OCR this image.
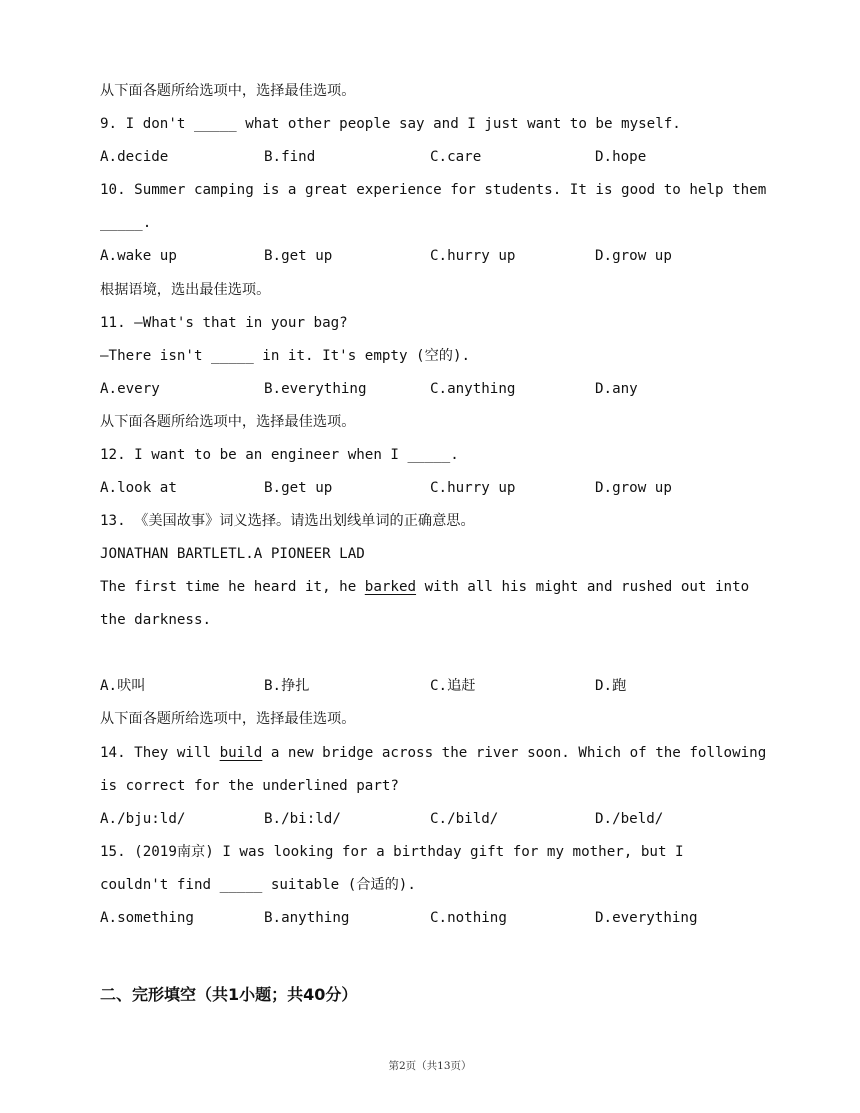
从下面各题所给选项中，选择最佳选项。
9. I don't _____ what other people say and I just want to be myself.
A.decide	B.find	C.care	D.hope
10. Summer camping is a great experience for students. It is good to help them
_____.
A.wake up	B.get up	C.hurry up	D.grow up
根据语境，选出最佳选项。
11. —What's that in your bag?
—There isn't _____ in it. It's empty (空的).
A.every	B.everything	C.anything	D.any
从下面各题所给选项中，选择最佳选项。
12. I want to be an engineer when I _____.
A.look at	B.get up	C.hurry up	D.grow up
13. 《美国故事》词义选择。请选出划线单词的正确意思。
JONATHAN BARTLETL.A PIONEER LAD
The first time he heard it, he barked with all his might and rushed out into
the darkness.
A.吠叫	B.挣扎	C.追赶	D.跑
从下面各题所给选项中，选择最佳选项。
14. They will build a new bridge across the river soon. Which of the following
is correct for the underlined part?
A./bju:ld/	B./bi:ld/	C./bild/	D./beld/
15. (2019南京) I was looking for a birthday gift for my mother, but I
couldn't find _____ suitable (合适的).
A.something	B.anything	C.nothing	D.everything
二、完形填空（共1小题；共40分）
第2页（共13页）
